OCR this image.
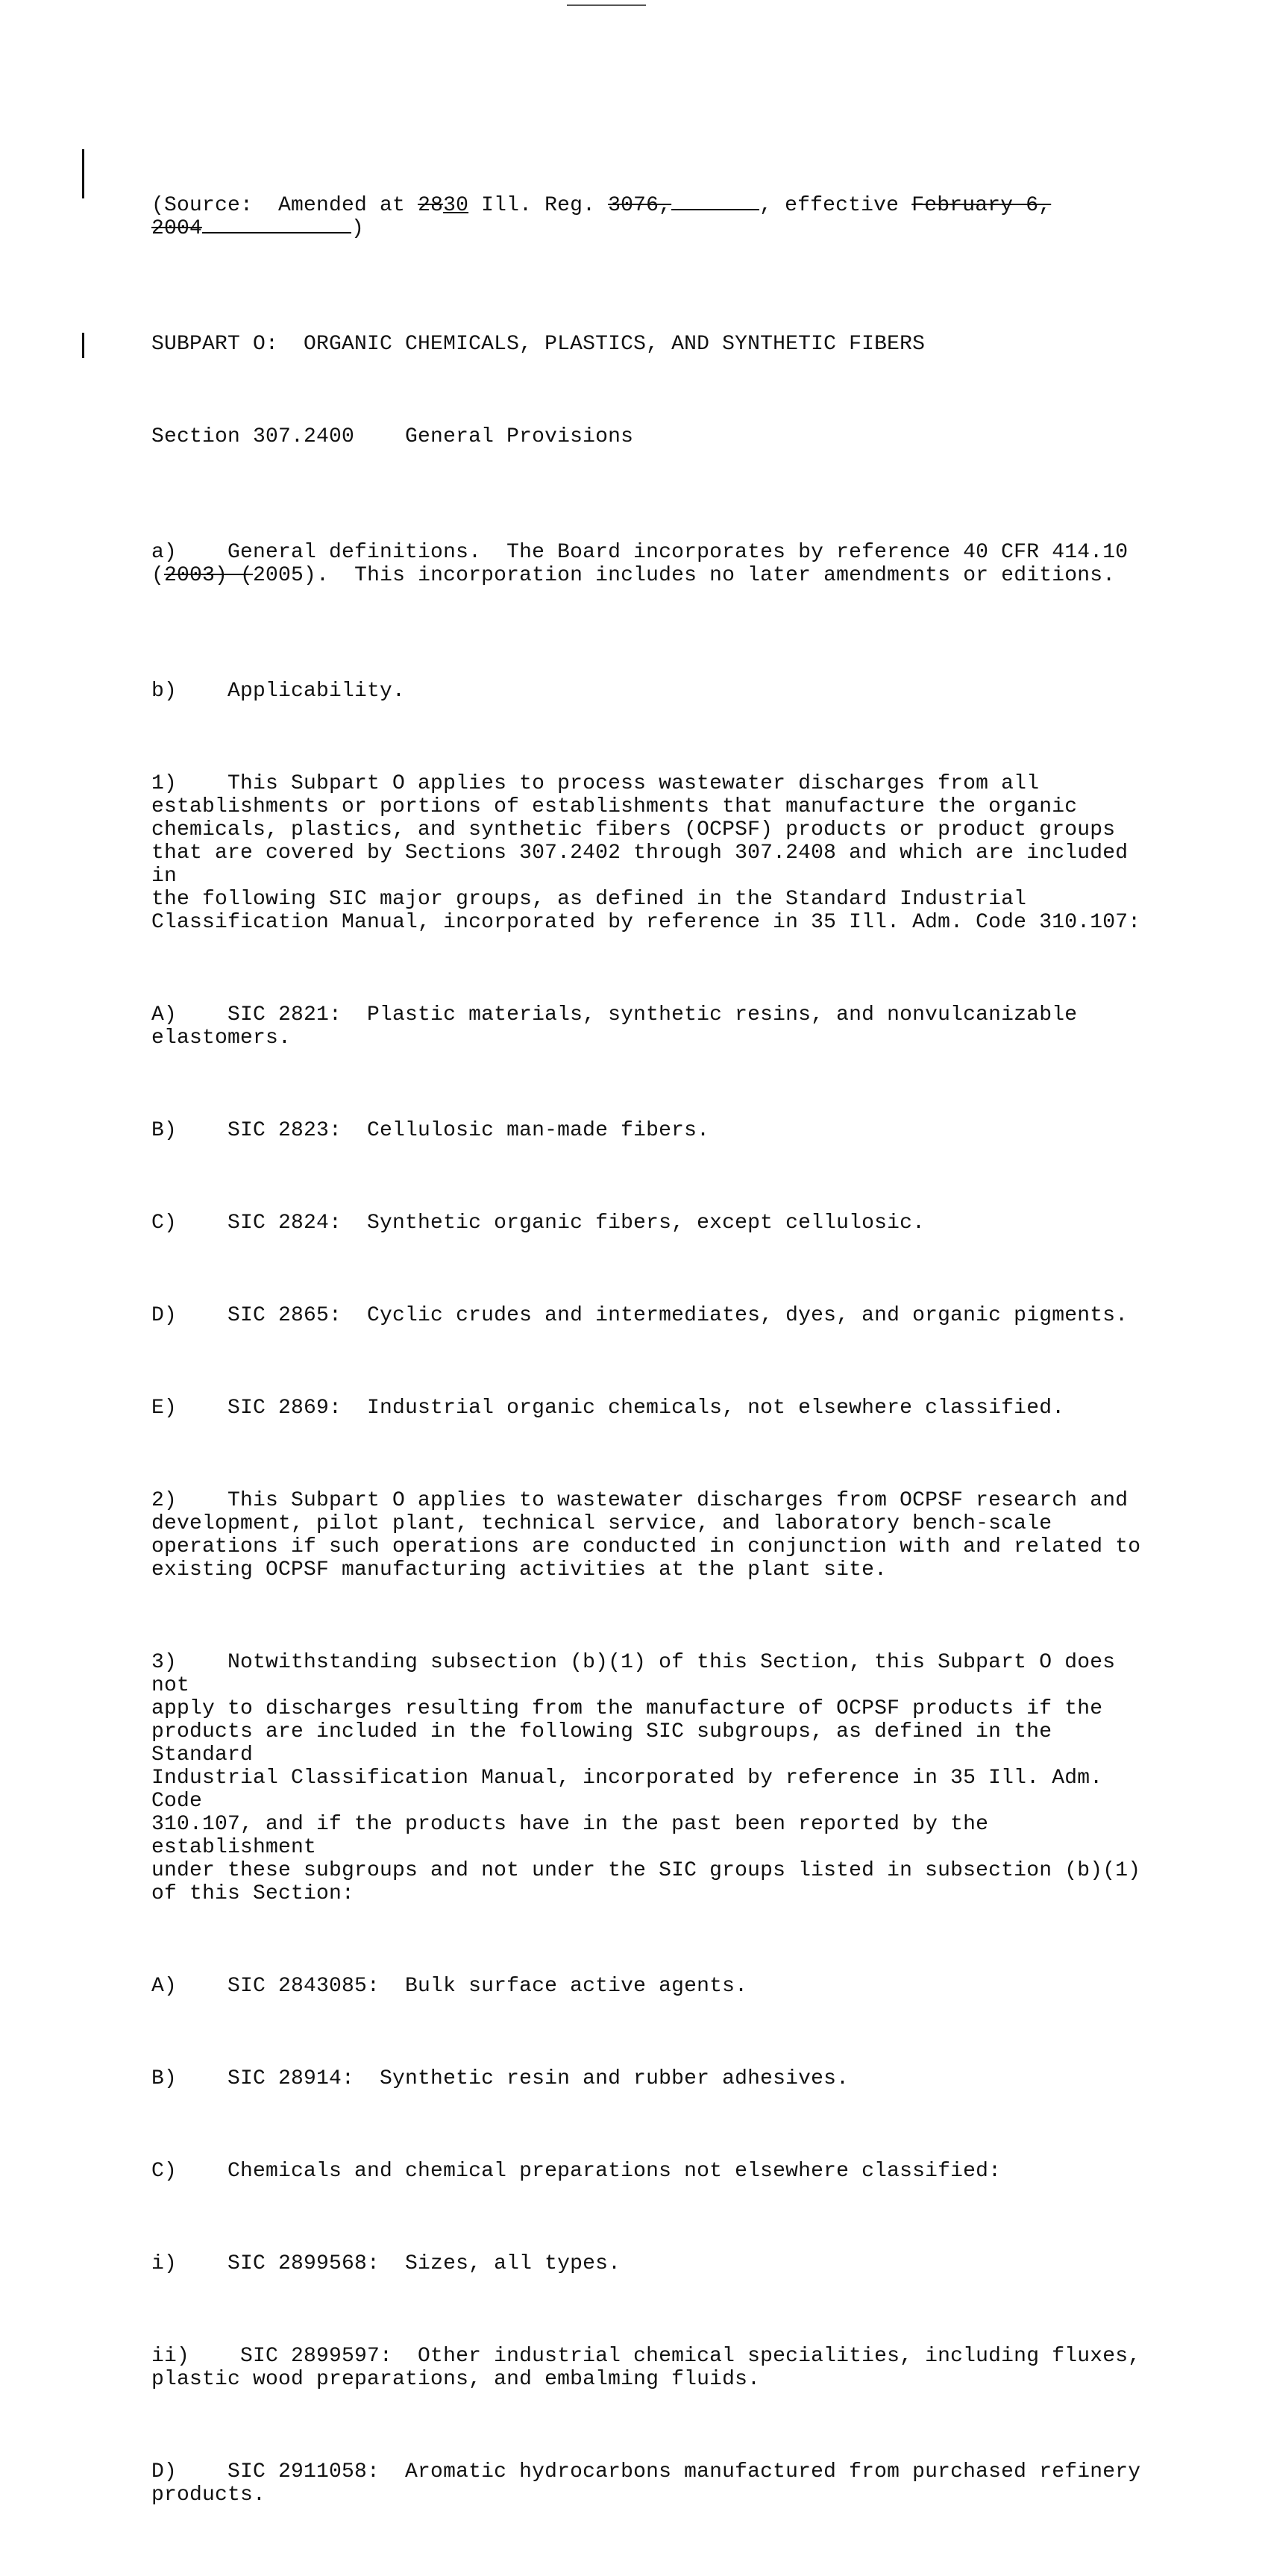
(Source:  Amended at 2830 Ill. Reg. 3076,	, effective February 6,
2004	)

SUBPART O:  ORGANIC CHEMICALS, PLASTICS, AND SYNTHETIC FIBERS

Section 307.2400    General Provisions

a)    General definitions.  The Board incorporates by reference 40 CFR 414.10
(2003) (2005).  This incorporation includes no later amendments or editions.

b)    Applicability.

1)    This Subpart O applies to process wastewater discharges from all
establishments or portions of establishments that manufacture the organic
chemicals, plastics, and synthetic fibers (OCPSF) products or product groups
that are covered by Sections 307.2402 through 307.2408 and which are included in
the following SIC major groups, as defined in the Standard Industrial
Classification Manual, incorporated by reference in 35 Ill. Adm. Code 310.107:

A)    SIC 2821:  Plastic materials, synthetic resins, and nonvulcanizable
elastomers.

B)    SIC 2823:  Cellulosic man-made fibers.

C)    SIC 2824:  Synthetic organic fibers, except cellulosic.

D)    SIC 2865:  Cyclic crudes and intermediates, dyes, and organic pigments.

E)    SIC 2869:  Industrial organic chemicals, not elsewhere classified.

2)    This Subpart O applies to wastewater discharges from OCPSF research and
development, pilot plant, technical service, and laboratory bench-scale
operations if such operations are conducted in conjunction with and related to
existing OCPSF manufacturing activities at the plant site.

3)    Notwithstanding subsection (b)(1) of this Section, this Subpart O does not
apply to discharges resulting from the manufacture of OCPSF products if the
products are included in the following SIC subgroups, as defined in the Standard
Industrial Classification Manual, incorporated by reference in 35 Ill. Adm. Code
310.107, and if the products have in the past been reported by the establishment
under these subgroups and not under the SIC groups listed in subsection (b)(1)
of this Section:

A)    SIC 2843085:  Bulk surface active agents.

B)    SIC 28914:  Synthetic resin and rubber adhesives.

C)    Chemicals and chemical preparations not elsewhere classified:

i)    SIC 2899568:  Sizes, all types.

ii)    SIC 2899597:  Other industrial chemical specialities, including fluxes,
plastic wood preparations, and embalming fluids.

D)    SIC 2911058:  Aromatic hydrocarbons manufactured from purchased refinery
products.
